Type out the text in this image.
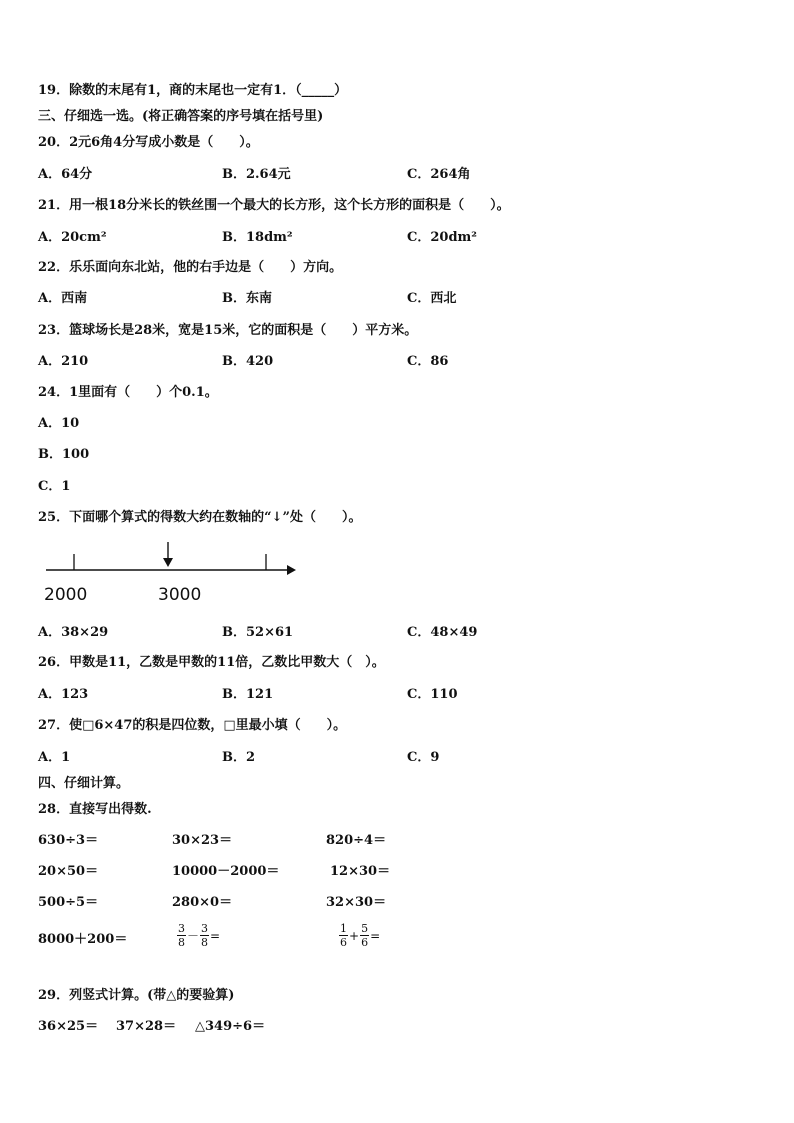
19．除数的末尾有1，商的末尾也一定有1．（_____）
三、仔细选一选。(将正确答案的序号填在括号里)
20．2元6角4分写成小数是（　　）。
A．64分	B．2.64元	C．264角
21．用一根18分米长的铁丝围一个最大的长方形，这个长方形的面积是（　　）。
A．20cm²	B．18dm²	C．20dm²
22．乐乐面向东北站，他的右手边是（　　）方向。
A．西南	B．东南	C．西北
23．篮球场长是28米，宽是15米，它的面积是（　　）平方米。
A．210	B．420	C．86
24．1里面有（　　）个0.1。
A．10
B．100
C．1
25．下面哪个算式的得数大约在数轴的“↓”处（　　）。
2000	3000
A．38×29	B．52×61	C．48×49
26．甲数是11，乙数是甲数的11倍，乙数比甲数大（　）。
A．123	B．121	C．110
27．使□6×47的积是四位数，□里最小填（　　）。
A．1	B．2	C．9
四、仔细计算。
28．直接写出得数.
630÷3＝	30×23＝	820÷4＝
20×50＝	10000－2000＝	12×30＝
500÷5＝	280×0＝	32×30＝
8000＋200＝	$\frac{3}{8} - \frac{3}{8}$ =	$\frac{1}{6} + \frac{5}{6}$ =
29．列竖式计算。(带△的要验算)
36×25＝ 37×28＝ △349÷6＝
